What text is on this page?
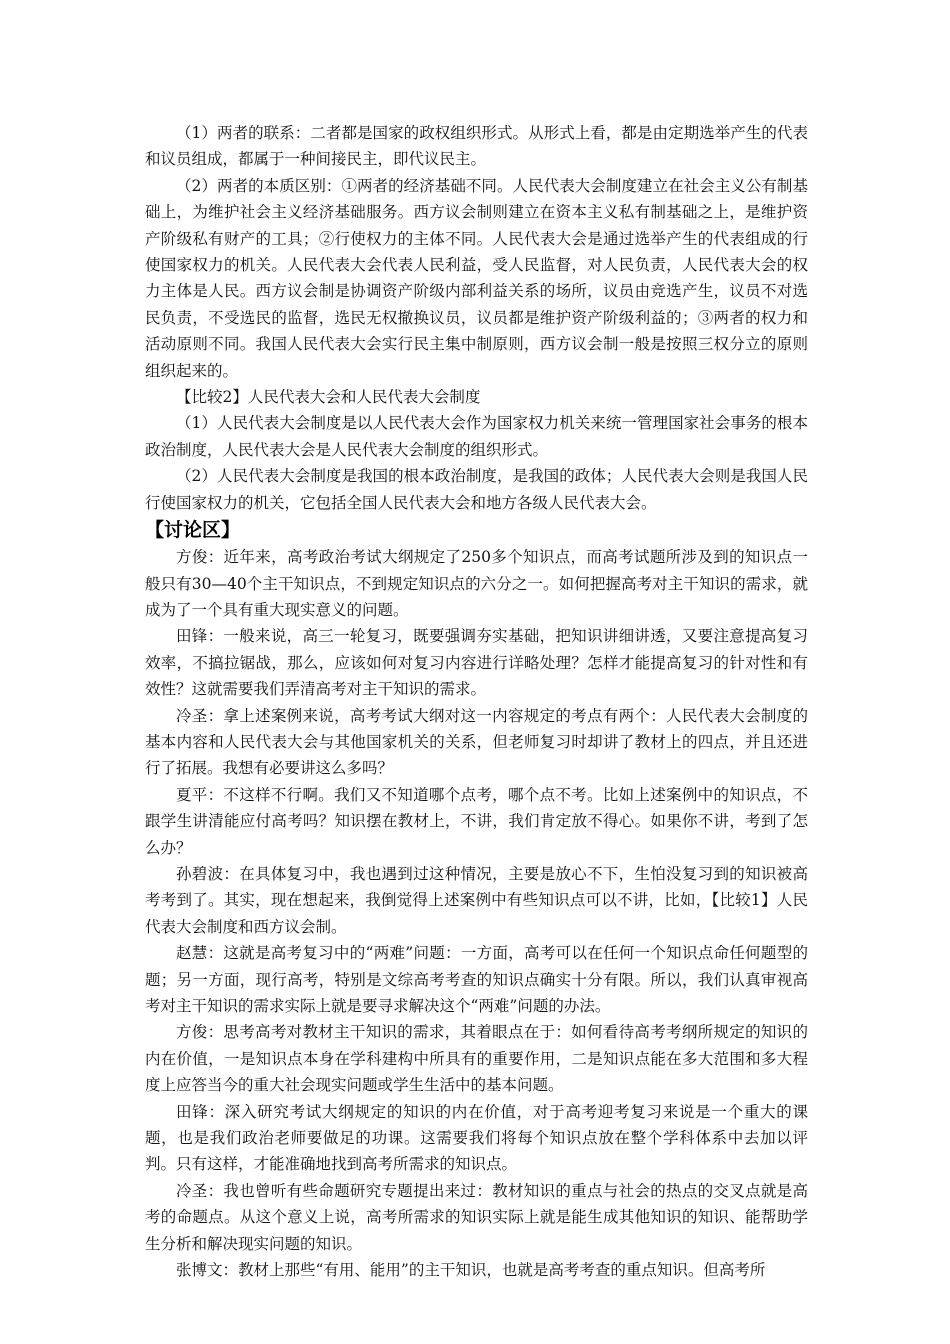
（1）两者的联系：二者都是国家的政权组织形式。从形式上看，都是由定期选举产生的代表和议员组成，都属于一种间接民主，即代议民主。

（2）两者的本质区别：①两者的经济基础不同。人民代表大会制度建立在社会主义公有制基础上，为维护社会主义经济基础服务。西方议会制则建立在资本主义私有制基础之上，是维护资产阶级私有财产的工具；②行使权力的主体不同。人民代表大会是通过选举产生的代表组成的行使国家权力的机关。人民代表大会代表人民利益，受人民监督，对人民负责，人民代表大会的权力主体是人民。西方议会制是协调资产阶级内部利益关系的场所，议员由竞选产生，议员不对选民负责，不受选民的监督，选民无权撤换议员，议员都是维护资产阶级利益的；③两者的权力和活动原则不同。我国人民代表大会实行民主集中制原则，西方议会制一般是按照三权分立的原则组织起来的。

【比较2】人民代表大会和人民代表大会制度

（1）人民代表大会制度是以人民代表大会作为国家权力机关来统一管理国家社会事务的根本政治制度，人民代表大会是人民代表大会制度的组织形式。

（2）人民代表大会制度是我国的根本政治制度，是我国的政体；人民代表大会则是我国人民行使国家权力的机关，它包括全国人民代表大会和地方各级人民代表大会。

【讨论区】

方俊：近年来，高考政治考试大纲规定了250多个知识点，而高考试题所涉及到的知识点一般只有30—40个主干知识点，不到规定知识点的六分之一。如何把握高考对主干知识的需求，就成为了一个具有重大现实意义的问题。

田锋：一般来说，高三一轮复习，既要强调夯实基础，把知识讲细讲透，又要注意提高复习效率，不搞拉锯战，那么，应该如何对复习内容进行详略处理？怎样才能提高复习的针对性和有效性？这就需要我们弄清高考对主干知识的需求。

冷圣：拿上述案例来说，高考考试大纲对这一内容规定的考点有两个：人民代表大会制度的基本内容和人民代表大会与其他国家机关的关系，但老师复习时却讲了教材上的四点，并且还进行了拓展。我想有必要讲这么多吗？

夏平：不这样不行啊。我们又不知道哪个点考，哪个点不考。比如上述案例中的知识点，不跟学生讲清能应付高考吗？知识摆在教材上，不讲，我们肯定放不得心。如果你不讲，考到了怎么办？

孙碧波：在具体复习中，我也遇到过这种情况，主要是放心不下，生怕没复习到的知识被高考考到了。其实，现在想起来，我倒觉得上述案例中有些知识点可以不讲，比如，【比较1】人民代表大会制度和西方议会制。

赵慧：这就是高考复习中的“两难”问题：一方面，高考可以在任何一个知识点命任何题型的题；另一方面，现行高考，特别是文综高考考查的知识点确实十分有限。所以，我们认真审视高考对主干知识的需求实际上就是要寻求解决这个“两难”问题的办法。

方俊：思考高考对教材主干知识的需求，其着眼点在于：如何看待高考考纲所规定的知识的内在价值，一是知识点本身在学科建构中所具有的重要作用，二是知识点能在多大范围和多大程度上应答当今的重大社会现实问题或学生生活中的基本问题。

田锋：深入研究考试大纲规定的知识的内在价值，对于高考迎考复习来说是一个重大的课题，也是我们政治老师要做足的功课。这需要我们将每个知识点放在整个学科体系中去加以评判。只有这样，才能准确地找到高考所需求的知识点。

冷圣：我也曾听有些命题研究专题提出来过：教材知识的重点与社会的热点的交叉点就是高考的命题点。从这个意义上说，高考所需求的知识实际上就是能生成其他知识的知识、能帮助学生分析和解决现实问题的知识。

张博文：教材上那些“有用、能用”的主干知识，也就是高考考查的重点知识。但高考所
